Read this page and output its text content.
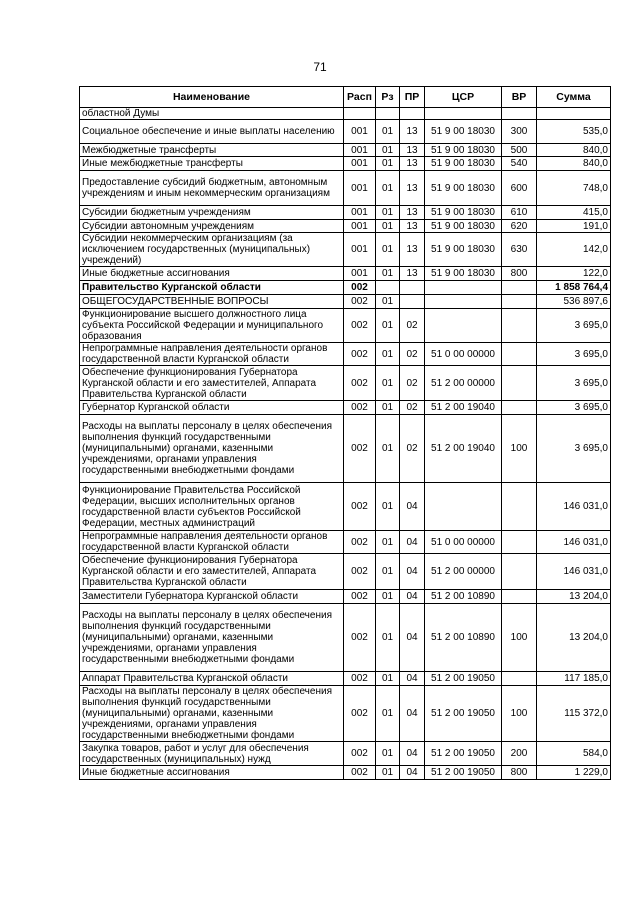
71
Наименование	Расп	Рз	ПР	ЦСР	ВР	Сумма
областной Думы						
Социальное обеспечение и иные выплаты населению	001	01	13	51 9 00 18030	300	535,0
Межбюджетные трансферты	001	01	13	51 9 00 18030	500	840,0
Иные межбюджетные трансферты	001	01	13	51 9 00 18030	540	840,0
Предоставление субсидий бюджетным, автономным учреждениям и иным некоммерческим организациям	001	01	13	51 9 00 18030	600	748,0
Субсидии бюджетным учреждениям	001	01	13	51 9 00 18030	610	415,0
Субсидии автономным учреждениям	001	01	13	51 9 00 18030	620	191,0
Субсидии некоммерческим организациям (за исключением государственных (муниципальных) учреждений)	001	01	13	51 9 00 18030	630	142,0
Иные бюджетные ассигнования	001	01	13	51 9 00 18030	800	122,0
Правительство Курганской области	002					1 858 764,4
ОБЩЕГОСУДАРСТВЕННЫЕ ВОПРОСЫ	002	01				536 897,6
Функционирование высшего должностного лица субъекта Российской Федерации и муниципального образования	002	01	02			3 695,0
Непрограммные направления деятельности органов государственной власти Курганской области	002	01	02	51 0 00 00000		3 695,0
Обеспечение функционирования Губернатора Курганской области и его заместителей, Аппарата Правительства Курганской области	002	01	02	51 2 00 00000		3 695,0
Губернатор Курганской области	002	01	02	51 2 00 19040		3 695,0
Расходы на выплаты персоналу в целях обеспечения выполнения функций государственными (муниципальными) органами, казенными учреждениями, органами управления государственными внебюджетными фондами	002	01	02	51 2 00 19040	100	3 695,0
Функционирование Правительства Российской Федерации, высших исполнительных органов государственной власти субъектов Российской Федерации, местных администраций	002	01	04			146 031,0
Непрограммные направления деятельности органов государственной власти Курганской области	002	01	04	51 0 00 00000		146 031,0
Обеспечение функционирования Губернатора Курганской области и его заместителей, Аппарата Правительства Курганской области	002	01	04	51 2 00 00000		146 031,0
Заместители Губернатора Курганской области	002	01	04	51 2 00 10890		13 204,0
Расходы на выплаты персоналу в целях обеспечения выполнения функций государственными (муниципальными) органами, казенными учреждениями, органами управления государственными внебюджетными фондами	002	01	04	51 2 00 10890	100	13 204,0
Аппарат Правительства Курганской области	002	01	04	51 2 00 19050		117 185,0
Расходы на выплаты персоналу в целях обеспечения выполнения функций государственными (муниципальными) органами, казенными учреждениями, органами управления государственными внебюджетными фондами	002	01	04	51 2 00 19050	100	115 372,0
Закупка товаров, работ и услуг для обеспечения государственных (муниципальных) нужд	002	01	04	51 2 00 19050	200	584,0
Иные бюджетные ассигнования	002	01	04	51 2 00 19050	800	1 229,0
